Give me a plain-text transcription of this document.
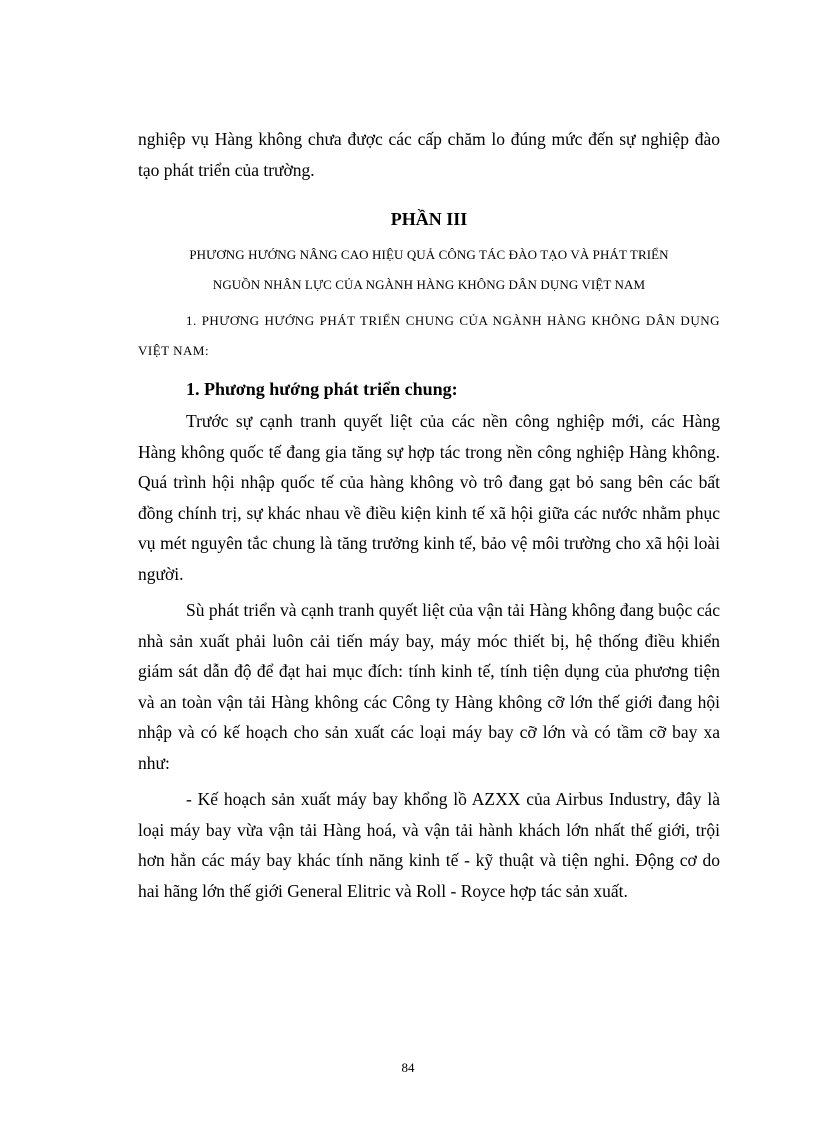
nghiệp vụ Hàng không chưa được các cấp chăm lo đúng mức đến sự nghiệp đào tạo phát triển của trường.

PHẦN III
PHƯƠNG HƯỚNG NÂNG CAO HIỆU QUẢ CÔNG TÁC ĐÀO TẠO VÀ PHÁT TRIỂN
NGUỒN NHÂN LỰC CỦA NGÀNH HÀNG KHÔNG DÂN DỤNG VIỆT NAM

1. PHƯƠNG HƯỚNG PHÁT TRIỂN CHUNG CỦA NGÀNH HÀNG KHÔNG DÂN DỤNG VIỆT NAM:

1. Phương hướng phát triển chung:

Trước sự cạnh tranh quyết liệt của các nền công nghiệp mới, các Hàng Hàng không quốc tế đang gia tăng sự hợp tác trong nền công nghiệp Hàng không. Quá trình hội nhập quốc tế của hàng không vò trô đang gạt bỏ sang bên các bất đồng chính trị, sự khác nhau về điều kiện kinh tế xã hội giữa các nước nhằm phục vụ mét nguyên tắc chung là tăng trưởng kinh tế, bảo vệ môi trường cho xã hội loài người.

Sù phát triển và cạnh tranh quyết liệt của vận tải Hàng không đang buộc các nhà sản xuất phải luôn cải tiến máy bay, máy móc thiết bị, hệ thống điều khiển giám sát dẫn độ để đạt hai mục đích: tính kinh tế, tính tiện dụng của phương tiện và an toàn vận tải Hàng không các Công ty Hàng không cỡ lớn thế giới đang hội nhập và có kế hoạch cho sản xuất các loại máy bay cỡ lớn và có tầm cỡ bay xa như:

- Kế hoạch sản xuất máy bay khổng lồ AZXX của Airbus Industry, đây là loại máy bay vừa vận tải Hàng hoá, và vận tải hành khách lớn nhất thế giới, trội hơn hẳn các máy bay khác tính năng kinh tế - kỹ thuật và tiện nghi. Động cơ do hai hãng lớn thế giới General Elitric và Roll - Royce hợp tác sản xuất.

84
